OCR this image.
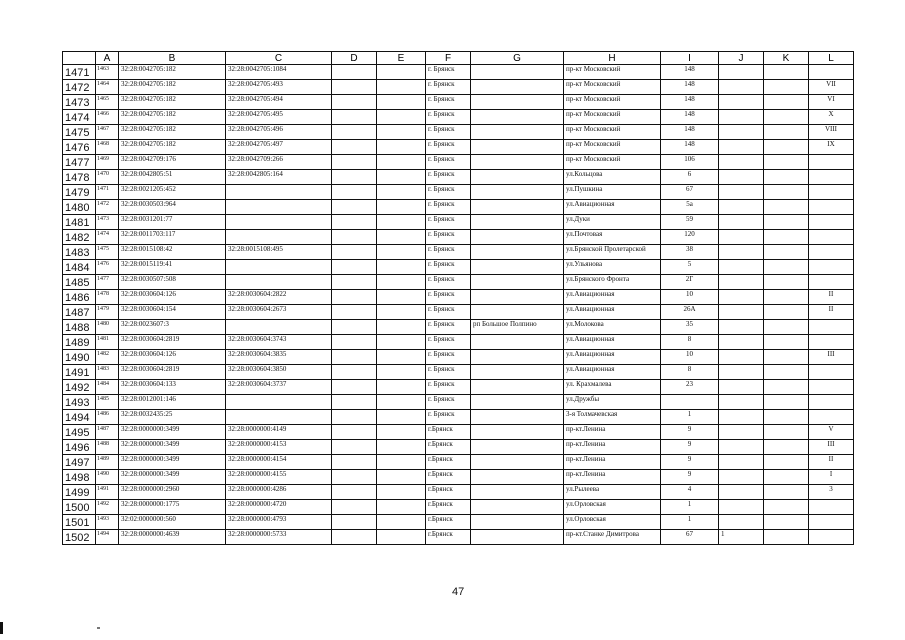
	A	B	C	D	E	F	G	H	I	J	K	L
1471	1463	32:28:0042705:182	32:28:0042705:1084			г. Брянск		пр-кт Московский	148			
1472	1464	32:28:0042705:182	32:28:0042705:493			г. Брянск		пр-кт Московский	148			VII
1473	1465	32:28:0042705:182	32:28:0042705:494			г. Брянск		пр-кт Московский	148			VI
1474	1466	32:28:0042705:182	32:28:0042705:495			г. Брянск		пр-кт Московский	148			X
1475	1467	32:28:0042705:182	32:28:0042705:496			г. Брянск		пр-кт Московский	148			VIII
1476	1468	32:28:0042705:182	32:28:0042705:497			г. Брянск		пр-кт Московский	148			IX
1477	1469	32:28:0042709:176	32:28:0042709:266			г. Брянск		пр-кт Московский	106			
1478	1470	32:28:0042805:51	32:28:0042805:164			г. Брянск		ул.Кольцова	6			
1479	1471	32:28:0021205:452				г. Брянск		ул.Пушкина	67			
1480	1472	32:28:0030503:964				г. Брянск		ул.Авиационная	5а			
1481	1473	32:28:0031201:77				г. Брянск		ул.Дуки	59			
1482	1474	32:28:0011703:117				г. Брянск		ул.Почтовая	120			
1483	1475	32:28:0015108:42	32:28:0015108:495			г. Брянск		ул.Брянской Пролетарской	38			
1484	1476	32:28:0015119:41				г. Брянск		ул.Ульянова	5			
1485	1477	32:28:0030507:508				г. Брянск		ул.Брянского Фронта	2Г			
1486	1478	32:28:0030604:126	32:28:0030604:2822			г. Брянск		ул.Авиационная	10			II
1487	1479	32:28:0030604:154	32:28:0030604:2673			г. Брянск		ул.Авиационная	26А			II
1488	1480	32:28:0023607:3				г. Брянск	рп Большое Полпино	ул.Молокова	35			
1489	1481	32:28:0030604:2819	32:28:0030604:3743			г. Брянск		ул.Авиационная	8			
1490	1482	32:28:0030604:126	32:28:0030604:3835			г. Брянск		ул.Авиационная	10			III
1491	1483	32:28:0030604:2819	32:28:0030604:3850			г. Брянск		ул.Авиационная	8			
1492	1484	32:28:0030604:133	32:28:0030604:3737			г. Брянск		ул. Крахмалева	23			
1493	1485	32:28:0012001:146				г. Брянск		ул.Дружбы				
1494	1486	32:28:0032435:25				г. Брянск		3-я Толмачевская	1			
1495	1487	32:28:0000000:3499	32:28:0000000:4149			г.Брянск		пр-кт.Ленина	9			V
1496	1488	32:28:0000000:3499	32:28:0000000:4153			г.Брянск		пр-кт.Ленина	9			III
1497	1489	32:28:0000000:3499	32:28:0000000:4154			г.Брянск		пр-кт.Ленина	9			II
1498	1490	32:28:0000000:3499	32:28:0000000:4155			г.Брянск		пр-кт.Ленина	9			I
1499	1491	32:28:0000000:2960	32:28:0000000:4286			г.Брянск		ул.Рылеева	4			3
1500	1492	32:28:0000000:1775	32:28:0000000:4720			г.Брянск		ул.Орловская	1			
1501	1493	32:02:0000000:560	32:28:0000000:4793			г.Брянск		ул.Орловская	1			
1502	1494	32:28:0000000:4639	32:28:0000000:5733			г.Брянск		пр-кт.Станке Димитрова	67	1		
47
